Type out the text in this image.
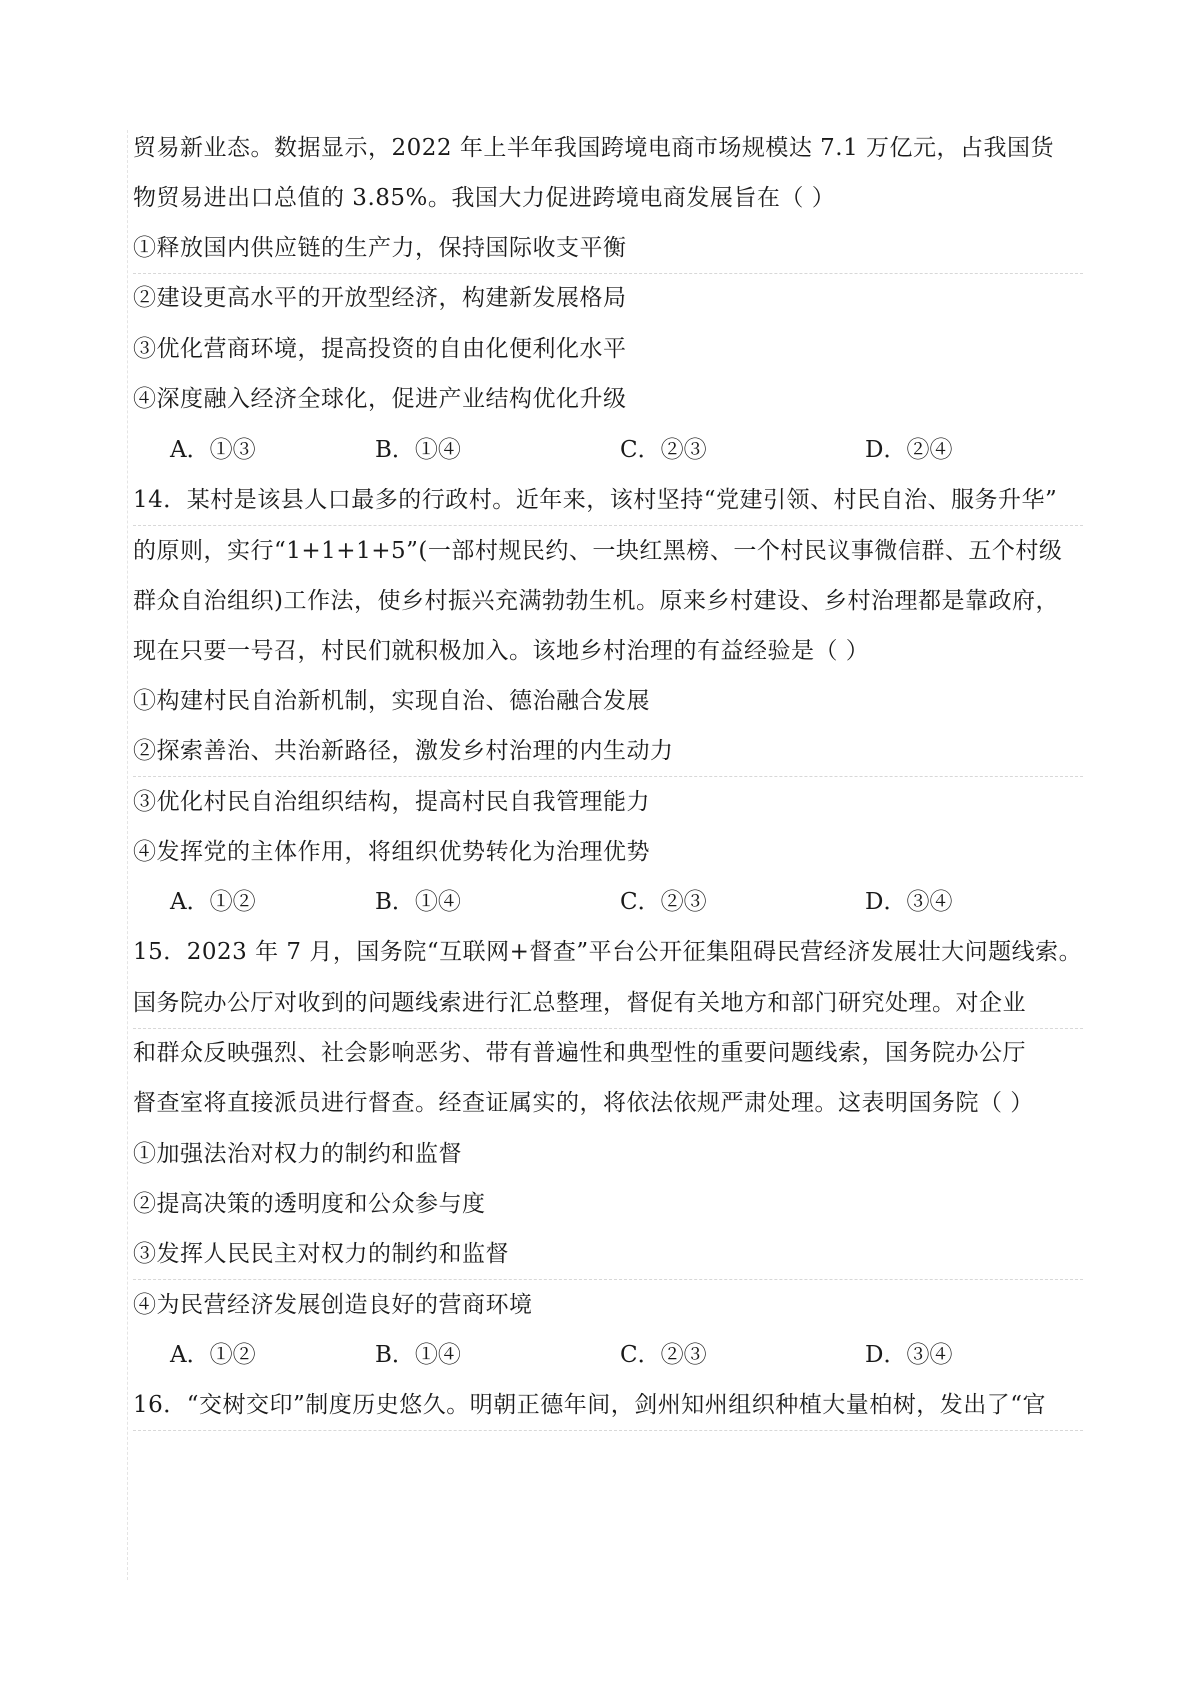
贸易新业态。数据显示，2022 年上半年我国跨境电商市场规模达 7.1 万亿元，占我国货
物贸易进出口总值的 3.85%。我国大力促进跨境电商发展旨在（ ）
①释放国内供应链的生产力，保持国际收支平衡
②建设更高水平的开放型经济，构建新发展格局
③优化营商环境，提高投资的自由化便利化水平
④深度融入经济全球化，促进产业结构优化升级
A．①③	B．①④	C．②③	D．②④
14．某村是该县人口最多的行政村。近年来，该村坚持“党建引领、村民自治、服务升华”
的原则，实行“1+1+1+5”(一部村规民约、一块红黑榜、一个村民议事微信群、五个村级
群众自治组织)工作法，使乡村振兴充满勃勃生机。原来乡村建设、乡村治理都是靠政府，
现在只要一号召，村民们就积极加入。该地乡村治理的有益经验是（ ）
①构建村民自治新机制，实现自治、德治融合发展
②探索善治、共治新路径，激发乡村治理的内生动力
③优化村民自治组织结构，提高村民自我管理能力
④发挥党的主体作用，将组织优势转化为治理优势
A．①②	B．①④	C．②③	D．③④
15．2023 年 7 月，国务院“互联网+督查”平台公开征集阻碍民营经济发展壮大问题线索。
国务院办公厅对收到的问题线索进行汇总整理，督促有关地方和部门研究处理。对企业
和群众反映强烈、社会影响恶劣、带有普遍性和典型性的重要问题线索，国务院办公厅
督查室将直接派员进行督查。经查证属实的，将依法依规严肃处理。这表明国务院（ ）
①加强法治对权力的制约和监督
②提高决策的透明度和公众参与度
③发挥人民民主对权力的制约和监督
④为民营经济发展创造良好的营商环境
A．①②	B．①④	C．②③	D．③④
16．“交树交印”制度历史悠久。明朝正德年间，剑州知州组织种植大量柏树，发出了“官
